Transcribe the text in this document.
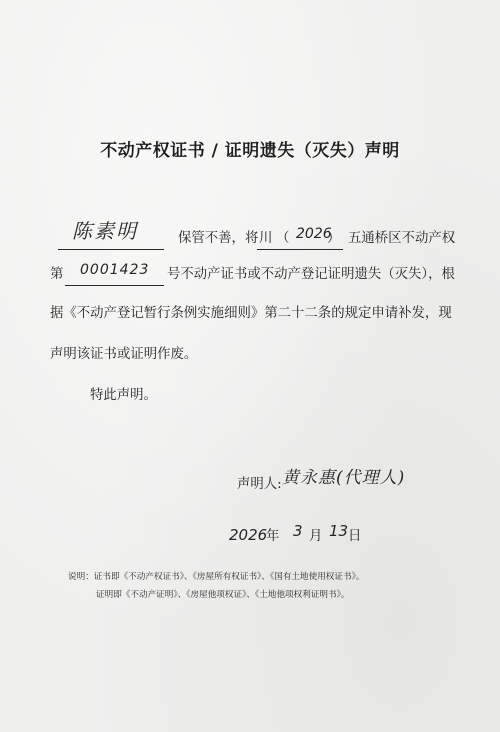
不动产权证书 / 证明遗失（灭失）声明
陈素明	保管不善，将 川 （ 2026
） 五通桥区不动产权
第 0001423 号不动产证书或不动产登记证明遗失（灭失），根
据《不动产登记暂行条例实施细则》第二十二条的规定申请补发，现
声明该证书或证明作废。
特此声明。
声明人: 黄永惠(代理人)
2026
年 3 月 13 日
说明：证书即《不动产权证书》、《房屋所有权证书》、《国有土地使用权证书》。
证明即《不动产证明》、《房屋他项权证》、《土地他项权利证明书》。
